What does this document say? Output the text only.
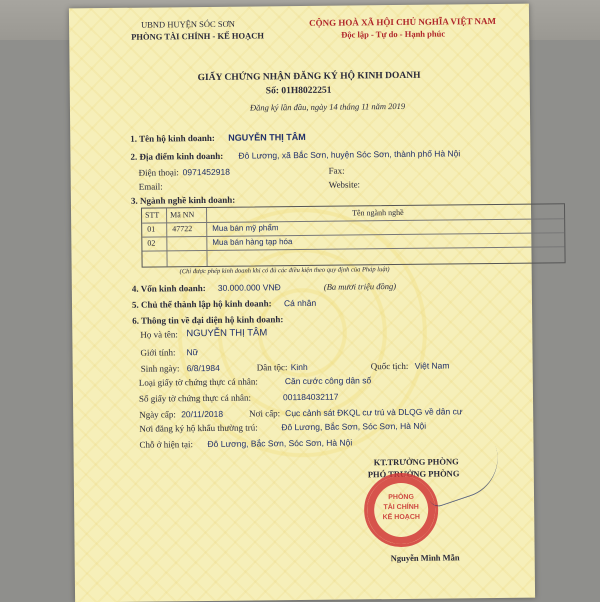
UBND HUYỆN SÓC SƠN
PHÒNG TÀI CHÍNH - KẾ HOẠCH
CỘNG HOÀ XÃ HỘI CHỦ NGHĨA VIỆT NAM
Độc lập - Tự do - Hạnh phúc
GIẤY CHỨNG NHẬN ĐĂNG KÝ HỘ KINH DOANH
Số: 01H8022251
Đăng ký lần đầu, ngày 14 tháng 11 năm 2019
1. Tên hộ kinh doanh: NGUYỄN THỊ TÂM
2. Địa điểm kinh doanh: Đô Lương, xã Bắc Sơn, huyện Sóc Sơn, thành phố Hà Nội
Điện thoại: 0971452918	Fax:
Email:	Website:
3. Ngành nghề kinh doanh:
STT Mã NN	Tên ngành nghề
01 47722 Mua bán mỹ phẩm
02	Mua bán hàng tạp hóa
(Chỉ được phép kinh doanh khi có đủ các điều kiện theo quy định của Pháp luật)
4. Vốn kinh doanh: 30.000.000 VNĐ	(Ba mươi triệu đồng)
5. Chủ thể thành lập hộ kinh doanh: Cá nhân
6. Thông tin về đại diện hộ kinh doanh:
Họ và tên: NGUYỄN THỊ TÂM
Giới tính: Nữ
Sinh ngày: 6/8/1984	Dân tộc: Kinh	Quốc tịch: Việt Nam
Loại giấy tờ chứng thực cá nhân:	Căn cước công dân số
Số giấy tờ chứng thực cá nhân:	001184032117
Ngày cấp: 20/11/2018	Nơi cấp: Cục cảnh sát ĐKQL cư trú và DLQG về dân cư
Nơi đăng ký hộ khẩu thường trú:	Đô Lương, Bắc Sơn, Sóc Sơn, Hà Nội
Chỗ ở hiện tại: Đô Lương, Bắc Sơn, Sóc Sơn, Hà Nội
KT.TRƯỞNG PHÒNG
PHÓ TRƯỞNG PHÒNG
PHÒNG
TÀI CHÍNH
KẾ HOẠCH
Nguyễn Minh Mẫn
